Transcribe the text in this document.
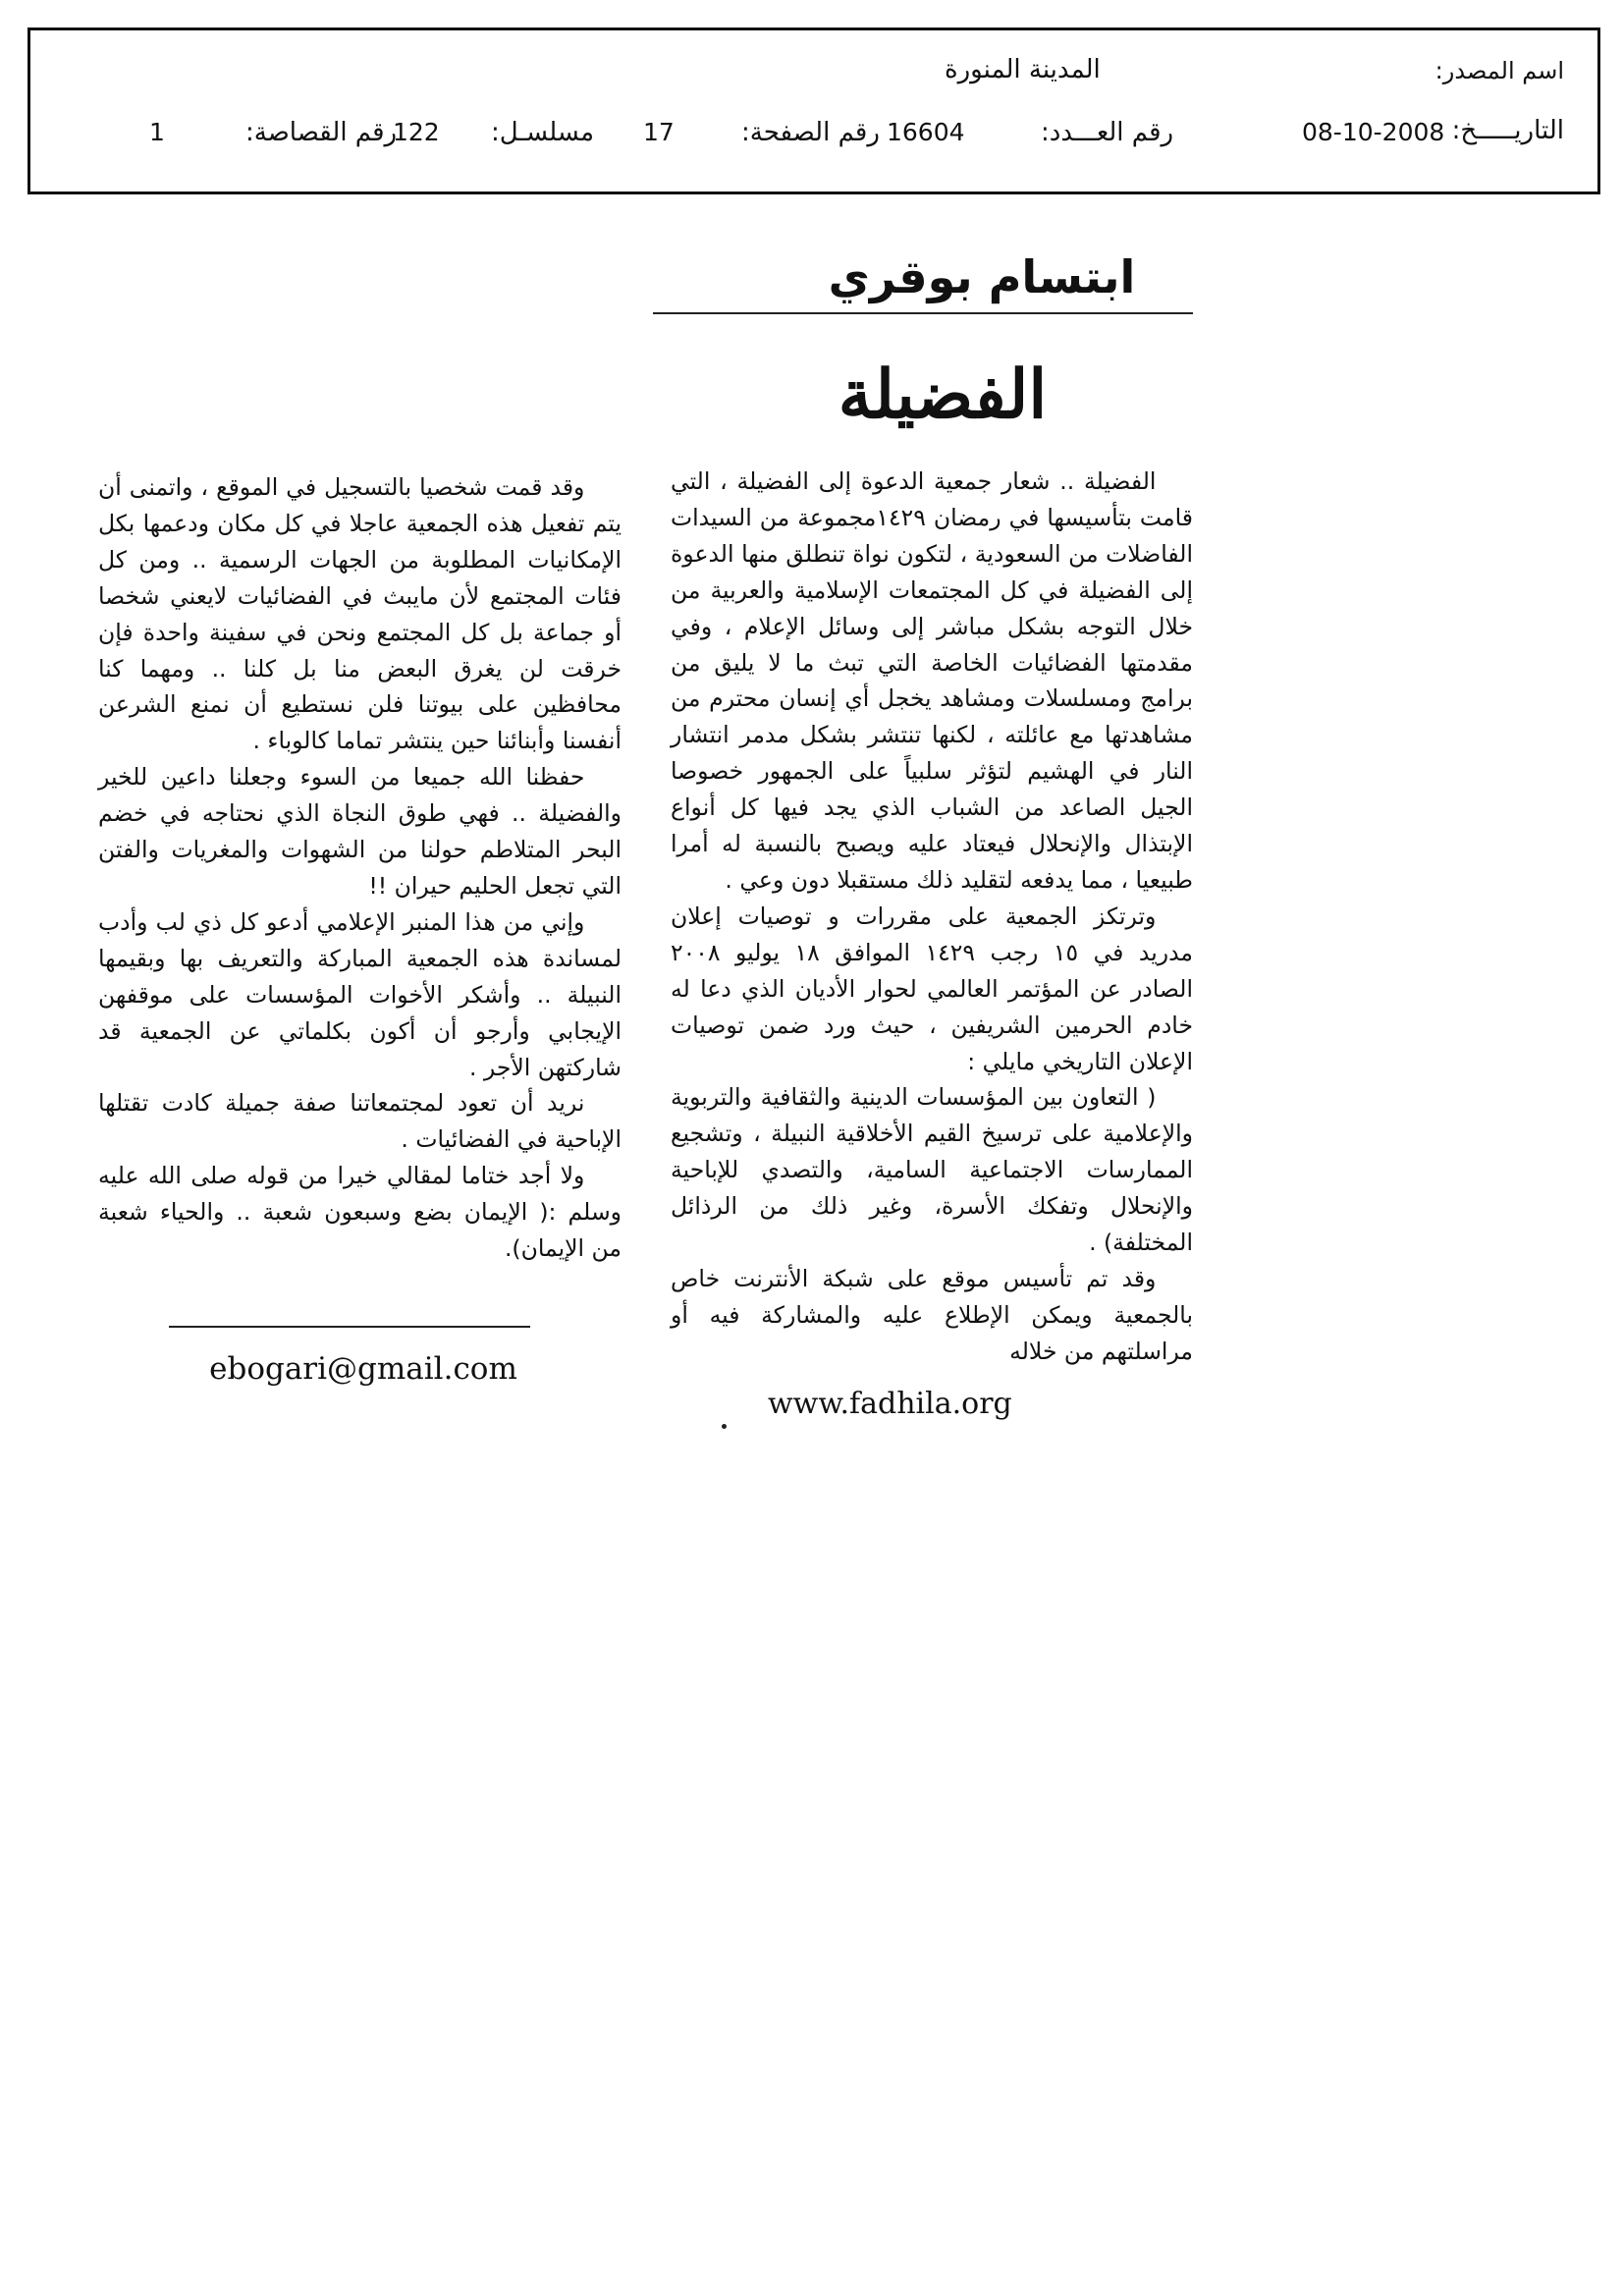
اسم المصدر:
المدينة المنورة
التاريـــــخ:
08-10-2008
رقم العـــدد:
16604
رقم الصفحة:
17
مسلسـل:
122
رقم القصاصة:
1
ابتسام بوقري
الفضيلة

الفضيلة .. شعار جمعية الدعوة إلى الفضيلة ، التي قامت بتأسيسها في رمضان ١٤٢٩مجموعة من السيدات الفاضلات من السعودية ، لتكون نواة تنطلق منها الدعوة إلى الفضيلة في كل المجتمعات الإسلامية والعربية من خلال التوجه بشكل مباشر إلى وسائل الإعلام ، وفي مقدمتها الفضائيات الخاصة التي تبث ما لا يليق من برامج ومسلسلات ومشاهد يخجل أي إنسان محترم من مشاهدتها مع عائلته ، لكنها تنتشر بشكل مدمر انتشار النار في الهشيم لتؤثر سلبياً على الجمهور خصوصا الجيل الصاعد من الشباب الذي يجد فيها كل أنواع الإبتذال والإنحلال فيعتاد عليه ويصبح بالنسبة له أمرا طبيعيا ، مما يدفعه لتقليد ذلك مستقبلا دون وعي .

وترتكز الجمعية على مقررات و توصيات إعلان مدريد في ١٥ رجب ١٤٢٩ الموافق ١٨ يوليو ٢٠٠٨ الصادر عن المؤتمر العالمي لحوار الأديان الذي دعا له خادم الحرمين الشريفين ، حيث ورد ضمن توصيات الإعلان التاريخي مايلي :

( التعاون بين المؤسسات الدينية والثقافية والتربوية والإعلامية على ترسيخ القيم الأخلاقية النبيلة ، وتشجيع الممارسات الاجتماعية السامية، والتصدي للإباحية والإنحلال وتفكك الأسرة، وغير ذلك من الرذائل المختلفة) .

وقد تم تأسيس موقع على شبكة الأنترنت خاص بالجمعية ويمكن الإطلاع عليه والمشاركة فيه أو مراسلتهم من خلاله

www.fadhila.org

وقد قمت شخصيا بالتسجيل في الموقع ، واتمنى أن يتم تفعيل هذه الجمعية عاجلا في كل مكان ودعمها بكل الإمكانيات المطلوبة من الجهات الرسمية .. ومن كل فئات المجتمع لأن مايبث في الفضائيات لايعني شخصا أو جماعة بل كل المجتمع ونحن في سفينة واحدة فإن خرقت لن يغرق البعض منا بل كلنا .. ومهما كنا محافظين على بيوتنا فلن نستطيع أن نمنع الشرعن أنفسنا وأبنائنا حين ينتشر تماما كالوباء .

حفظنا الله جميعا من السوء وجعلنا داعين للخير والفضيلة .. فهي طوق النجاة الذي نحتاجه في خضم البحر المتلاطم حولنا من الشهوات والمغريات والفتن التي تجعل الحليم حيران !!

وإني من هذا المنبر الإعلامي أدعو كل ذي لب وأدب لمساندة هذه الجمعية المباركة والتعريف بها وبقيمها النبيلة .. وأشكر الأخوات المؤسسات على موقفهن الإيجابي وأرجو أن أكون بكلماتي عن الجمعية قد شاركتهن الأجر .

نريد أن تعود لمجتمعاتنا صفة جميلة كادت تقتلها الإباحية في الفضائيات .

ولا أجد ختاما لمقالي خيرا من قوله صلى الله عليه وسلم :( الإيمان بضع وسبعون شعبة .. والحياء شعبة من الإيمان).

ebogari@gmail.com
